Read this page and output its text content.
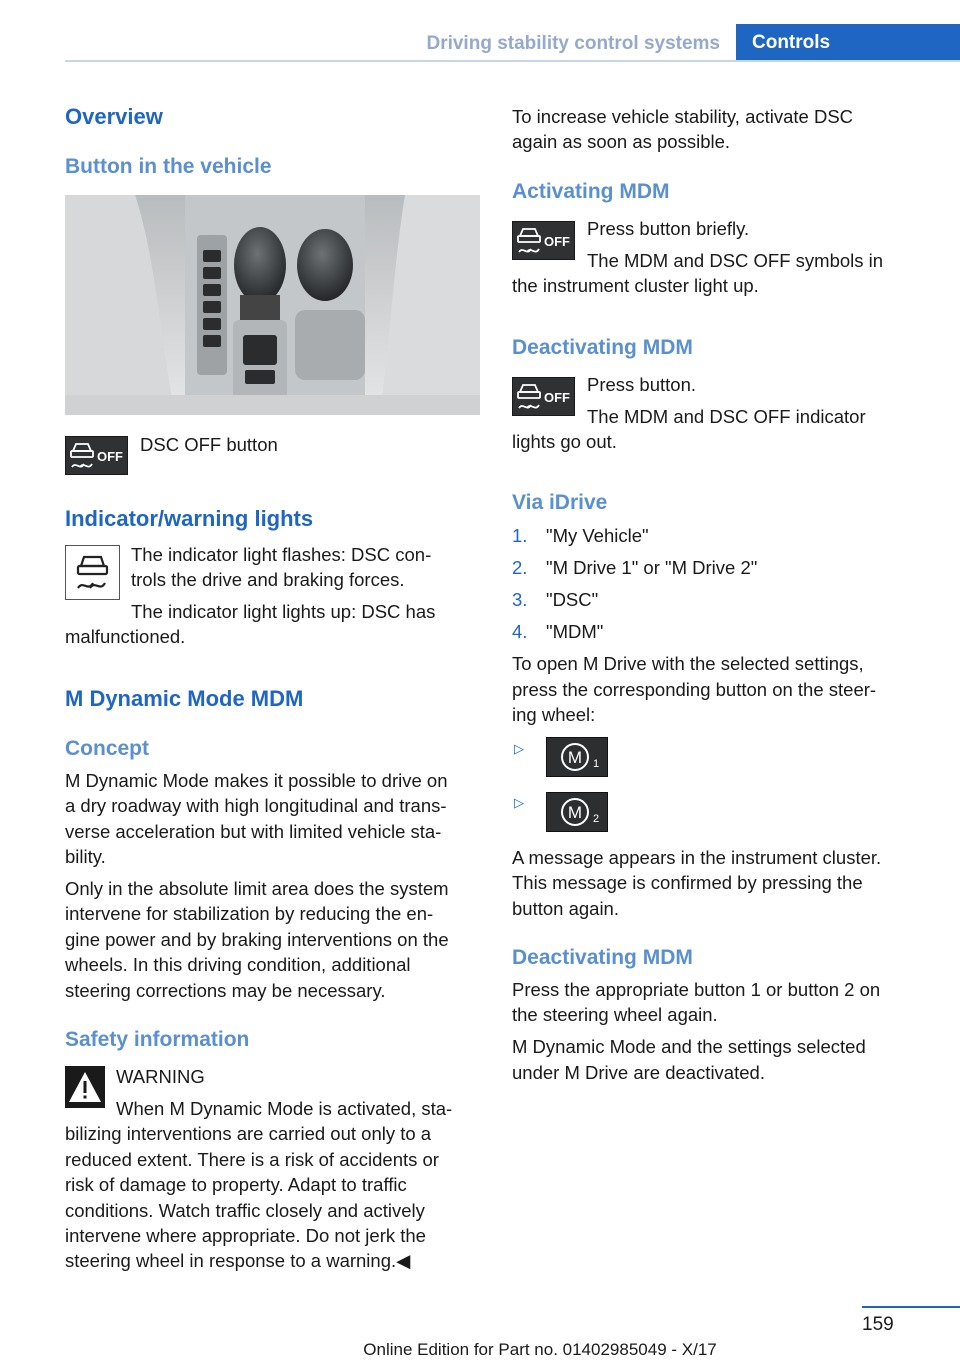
Driving stability control systems	Controls
Overview
Button in the vehicle
OFF
DSC OFF button
Indicator/warning lights
The indicator light flashes: DSC con‐
trols the drive and braking forces.
The indicator light lights up: DSC has
malfunctioned.
M Dynamic Mode MDM
Concept
M Dynamic Mode makes it possible to drive on
a dry roadway with high longitudinal and trans‐
verse acceleration but with limited vehicle sta‐
bility.
Only in the absolute limit area does the system
intervene for stabilization by reducing the en‐
gine power and by braking interventions on the
wheels. In this driving condition, additional
steering corrections may be necessary.
Safety information
WARNING
When M Dynamic Mode is activated, sta‐
bilizing interventions are carried out only to a
reduced extent. There is a risk of accidents or
risk of damage to property. Adapt to traffic
conditions. Watch traffic closely and actively
intervene where appropriate. Do not jerk the
steering wheel in response to a warning.◀
To increase vehicle stability, activate DSC
again as soon as possible.
Activating MDM
OFF
Press button briefly.
The MDM and DSC OFF symbols in
the instrument cluster light up.
Deactivating MDM
OFF
Press button.
The MDM and DSC OFF indicator
lights go out.
Via iDrive
1. "My Vehicle"
2. "M Drive 1" or "M Drive 2"
3. "DSC"
4. "MDM"
To open M Drive with the selected settings,
press the corresponding button on the steer‐
ing wheel:
▷	M 1
▷
M 2
A message appears in the instrument cluster.
This message is confirmed by pressing the
button again.
Deactivating MDM
Press the appropriate button 1 or button 2 on
the steering wheel again.
M Dynamic Mode and the settings selected
under M Drive are deactivated.
159
Online Edition for Part no. 01402985049 - X/17
